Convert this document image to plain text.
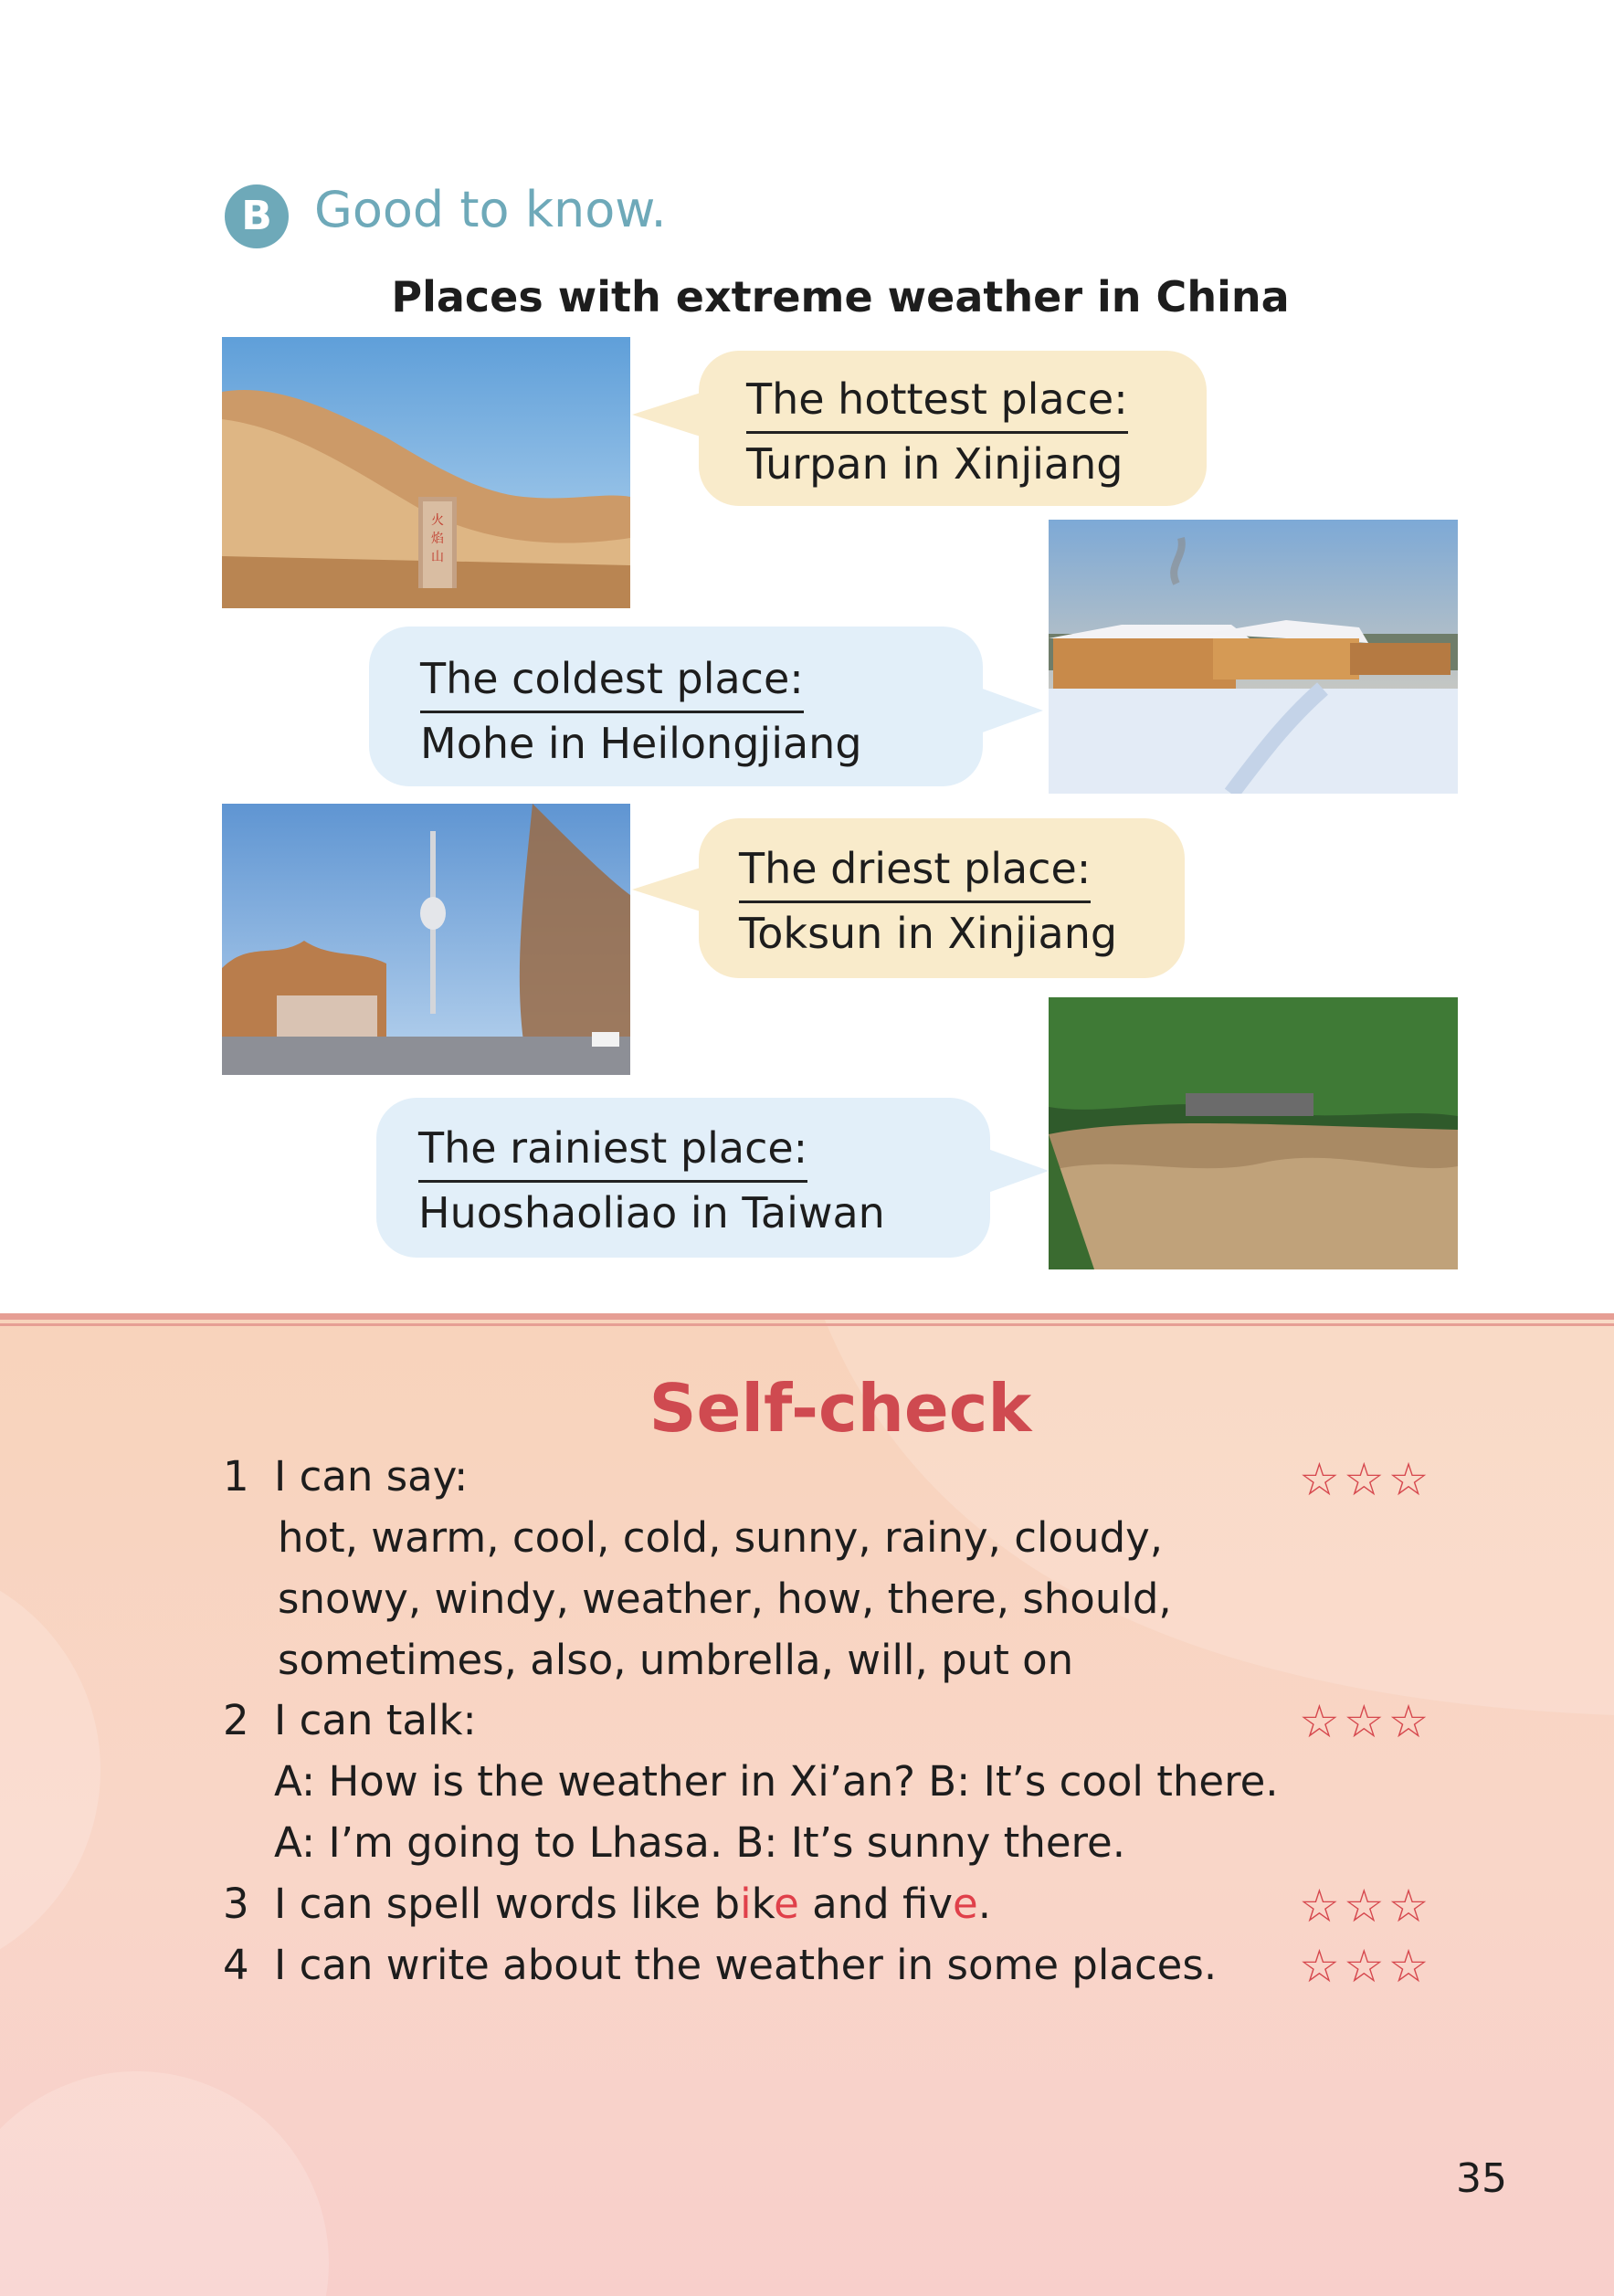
B Good to know.
Places with extreme weather in China
火
焰
山
The hottest place:
Turpan in Xinjiang
The coldest place:
Mohe in Heilongjiang
The driest place:
Toksun in Xinjiang
The rainiest place:
Huoshaoliao in Taiwan
Self-check
1 I can say:
hot, warm, cool, cold, sunny, rainy, cloudy,
snowy, windy, weather, how, there, should,
sometimes, also, umbrella, will, put on
☆ ☆ ☆
2 I can talk:
A: How is the weather in Xi’an? B: It’s cool there.
A: I’m going to Lhasa. B: It’s sunny there.
☆ ☆ ☆
3 I can spell words like bike and fve.	☆ ☆ ☆
4 I can write about the weather in some places. ☆ ☆ ☆
35
